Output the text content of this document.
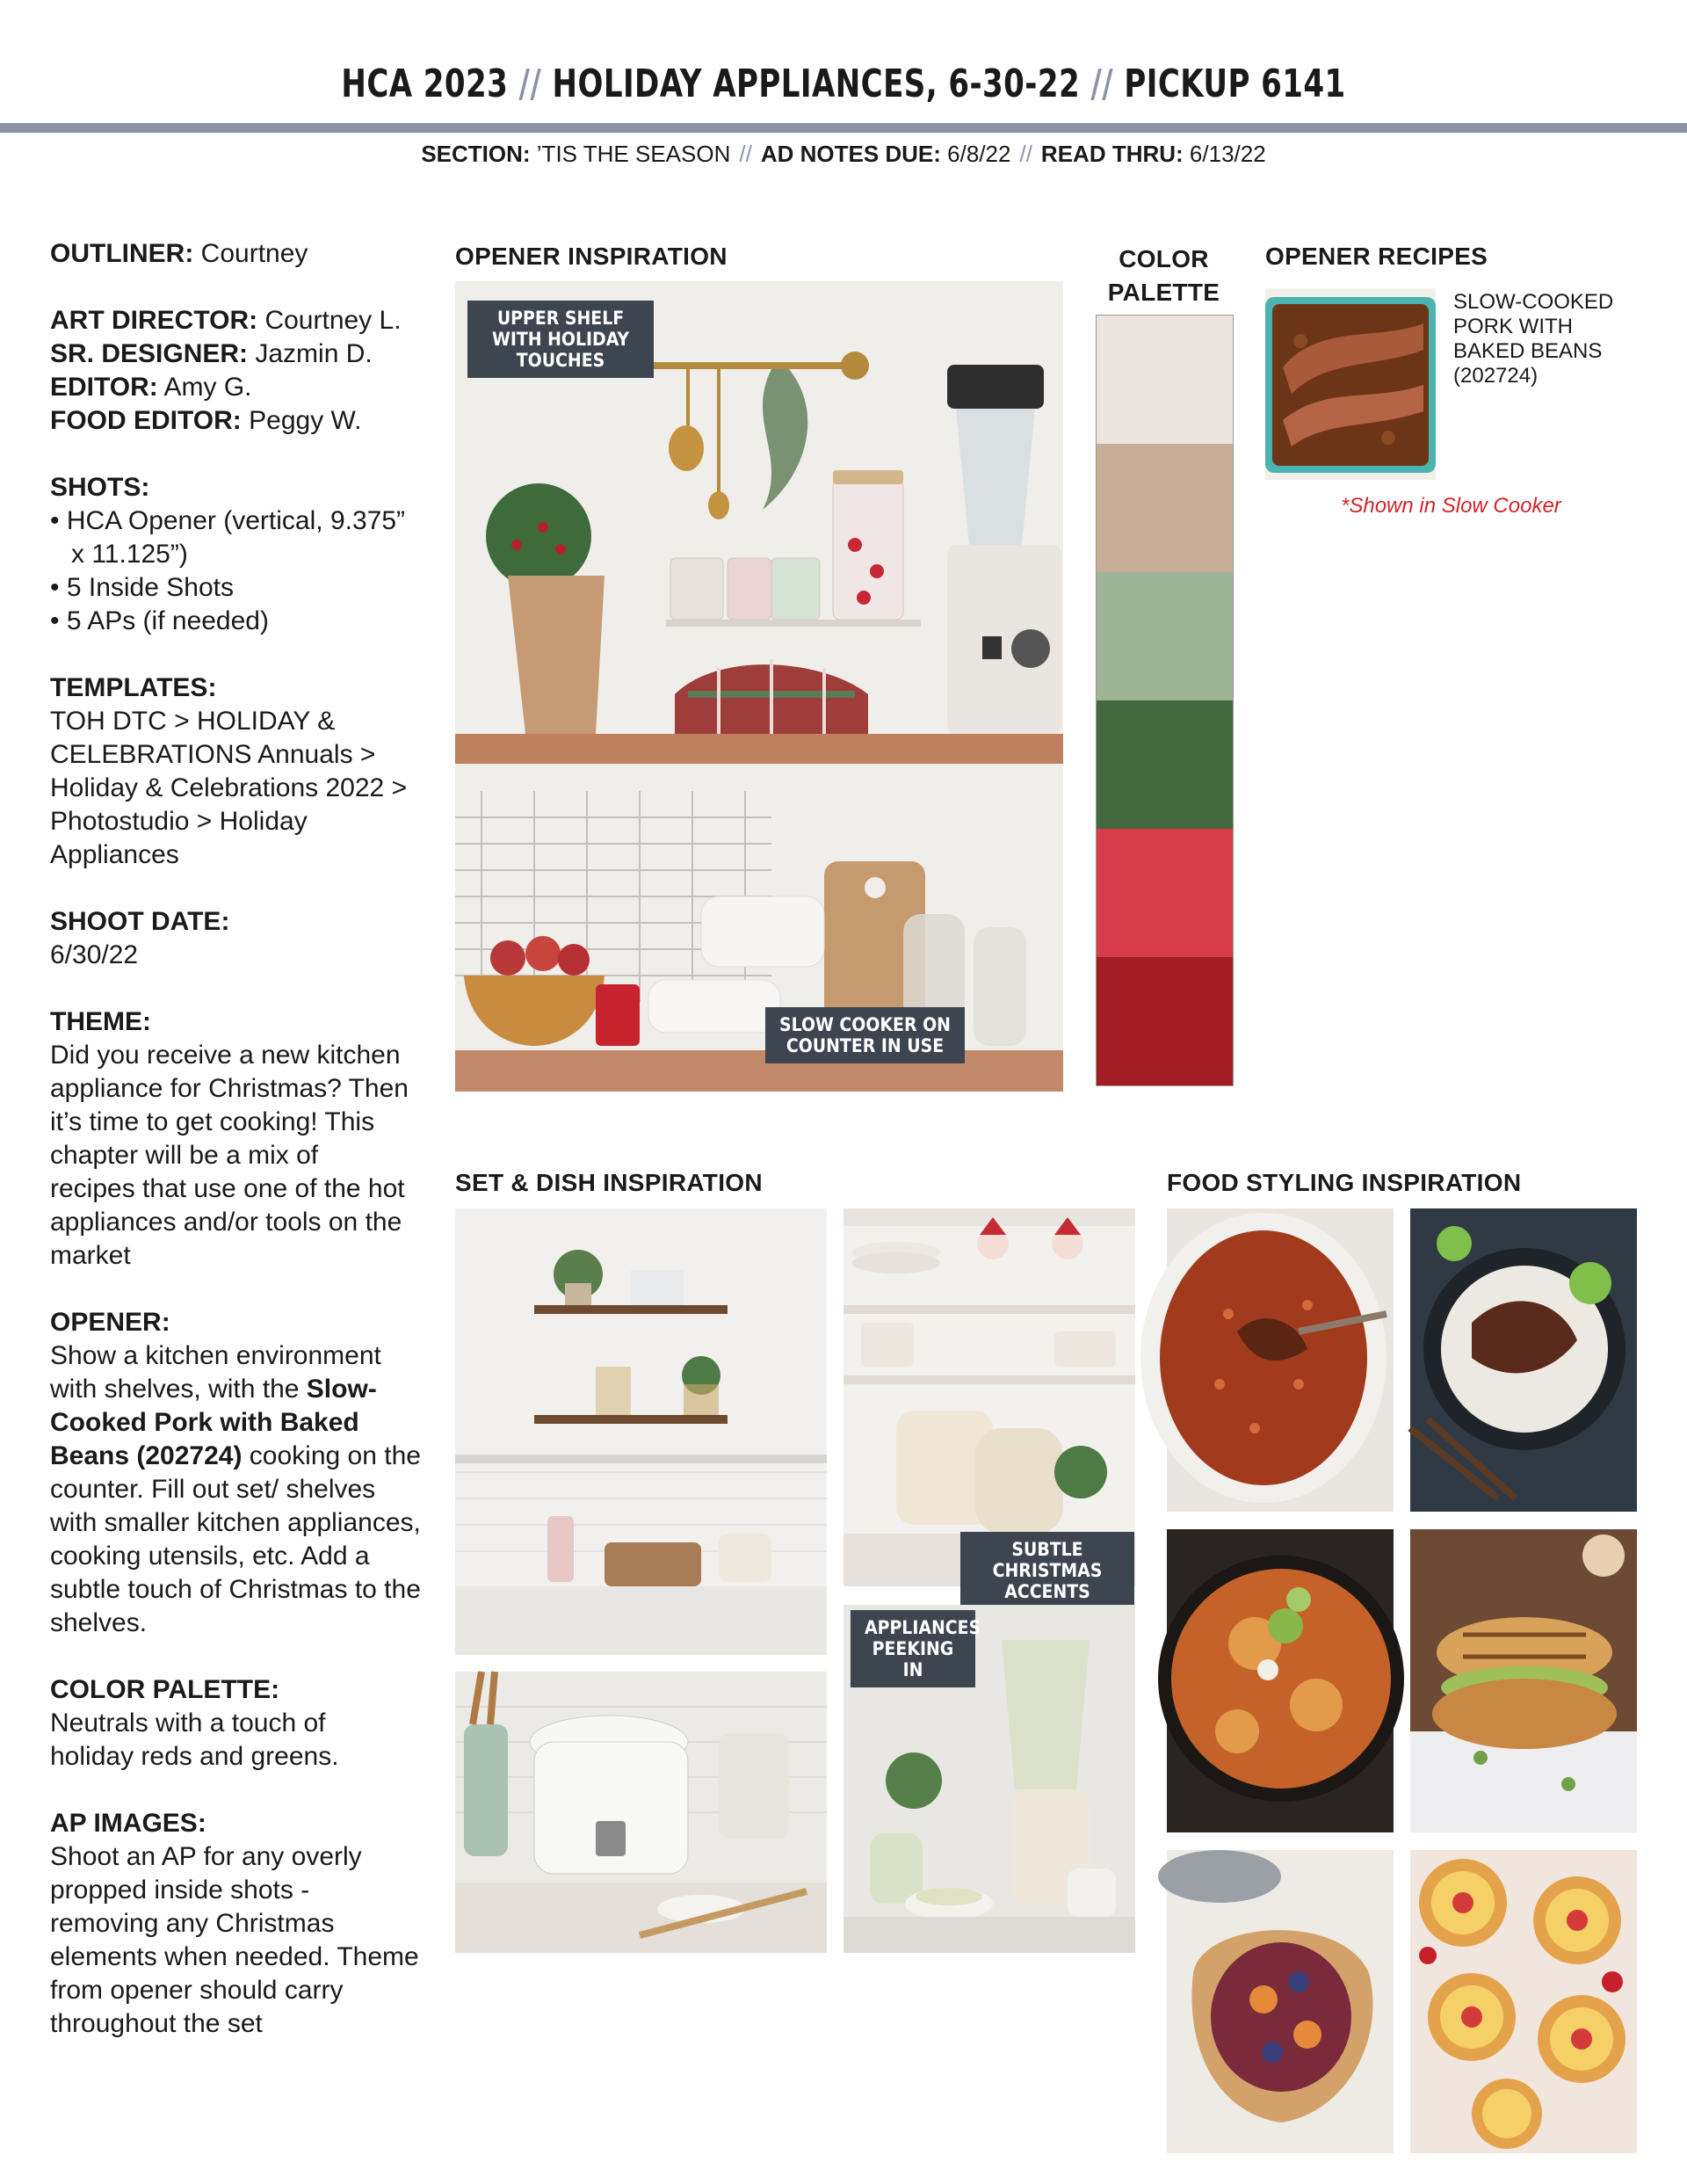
HCA 2023 // HOLIDAY APPLIANCES, 6-30-22 // PICKUP 6141
SECTION: ’TIS THE SEASON // AD NOTES DUE: 6/8/22 // READ THRU: 6/13/22
OUTLINER: Courtney
ART DIRECTOR: Courtney L.
SR. DESIGNER: Jazmin D.
EDITOR: Amy G.
FOOD EDITOR: Peggy W.
SHOTS:
• HCA Opener (vertical, 9.375” x 11.125”)
• 5 Inside Shots
• 5 APs (if needed)
TEMPLATES:
TOH DTC > HOLIDAY & CELEBRATIONS Annuals > Holiday & Celebrations 2022 > Photostudio > Holiday Appliances
SHOOT DATE:
6/30/22
THEME:
Did you receive a new kitchen appliance for Christmas? Then it’s time to get cooking! This chapter will be a mix of recipes that use one of the hot appliances and/or tools on the market
OPENER:
Show a kitchen environment with shelves, with the Slow-Cooked Pork with Baked Beans (202724) cooking on the counter. Fill out set/ shelves with smaller kitchen appliances, cooking utensils, etc. Add a subtle touch of Christmas to the shelves.
COLOR PALETTE:
Neutrals with a touch of holiday reds and greens.
AP IMAGES:
Shoot an AP for any overly propped inside shots - removing any Christmas elements when needed. Theme from opener should carry throughout the set
OPENER INSPIRATION
UPPER SHELF WITH HOLIDAY TOUCHES
SLOW COOKER ON COUNTER IN USE
COLOR PALETTE
OPENER RECIPES
SLOW-COOKED PORK WITH BAKED BEANS (202724)
*Shown in Slow Cooker
SET & DISH INSPIRATION
SUBTLE CHRISTMAS ACCENTS
APPLIANCES PEEKING IN
FOOD STYLING INSPIRATION
